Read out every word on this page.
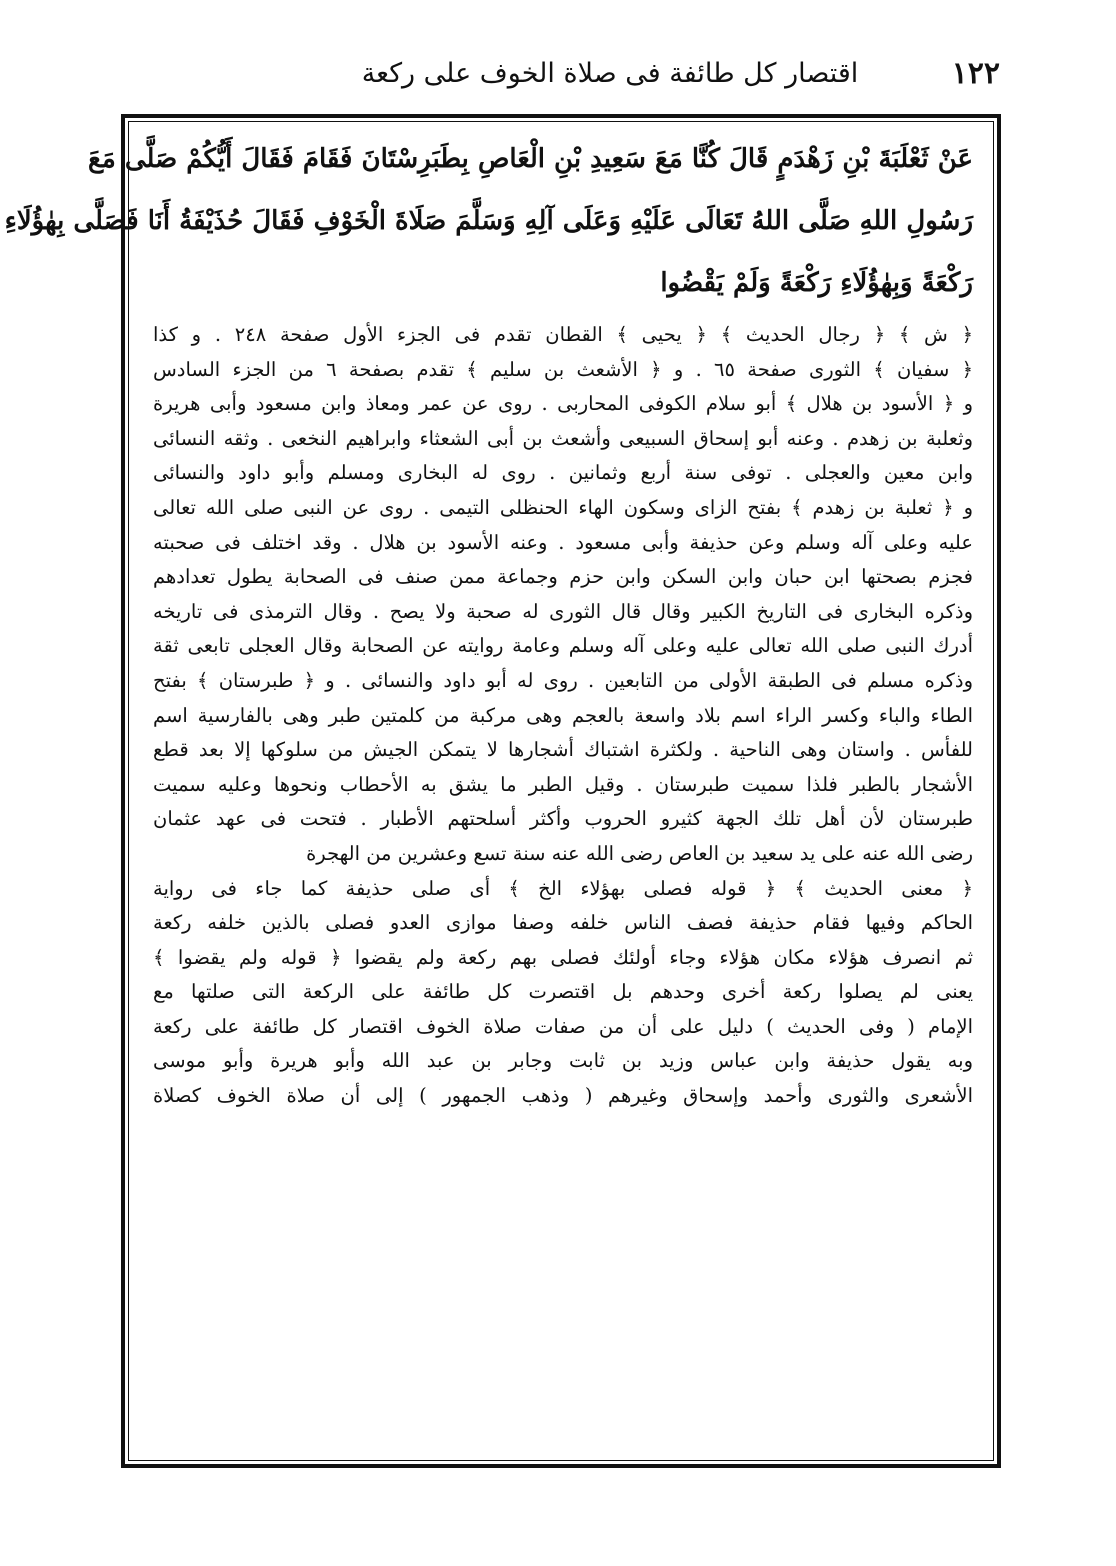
١٢٢
اقتصار كل طائفة فى صلاة الخوف على ركعة
عَنْ ثَعْلَبَةَ بْنِ زَهْدَمٍ قَالَ كُنَّا مَعَ سَعِيدِ بْنِ الْعَاصِ بِطَبَرِسْتَانَ فَقَامَ فَقَالَ أَيُّكُمْ صَلَّى مَعَ
رَسُولِ اللهِ صَلَّى اللهُ تَعَالَى عَلَيْهِ وَعَلَى آلِهِ وَسَلَّمَ صَلَاةَ الْخَوْفِ فَقَالَ حُذَيْفَةُ أَنَا فَصَلَّى بِهٰؤُلَاءِ
رَكْعَةً وَبِهٰؤُلَاءِ رَكْعَةً وَلَمْ يَقْضُوا
﴿ ش ﴾ ﴿ رجال الحديث ﴾ ﴿ يحيى ﴾ القطان تقدم فى الجزء الأول صفحة ٢٤٨ . و كذا
﴿ سفيان ﴾ الثورى صفحة ٦٥ . و ﴿ الأشعث بن سليم ﴾ تقدم بصفحة ٦ من الجزء السادس
و ﴿ الأسود بن هلال ﴾ أبو سلام الكوفى المحاربى . روى عن عمر ومعاذ وابن مسعود وأبى هريرة
وثعلبة بن زهدم . وعنه أبو إسحاق السبيعى وأشعث بن أبى الشعثاء وابراهيم النخعى . وثقه النسائى
وابن معين والعجلى . توفى سنة أربع وثمانين . روى له البخارى ومسلم وأبو داود والنسائى
و ﴿ ثعلبة بن زهدم ﴾ بفتح الزاى وسكون الهاء الحنظلى التيمى . روى عن النبى صلى الله تعالى
عليه وعلى آله وسلم وعن حذيفة وأبى مسعود . وعنه الأسود بن هلال . وقد اختلف فى صحبته
فجزم بصحتها ابن حبان وابن السكن وابن حزم وجماعة ممن صنف فى الصحابة يطول تعدادهم
وذكره البخارى فى التاريخ الكبير وقال قال الثورى له صحبة ولا يصح . وقال الترمذى فى تاريخه
أدرك النبى صلى الله تعالى عليه وعلى آله وسلم وعامة روايته عن الصحابة وقال العجلى تابعى ثقة
وذكره مسلم فى الطبقة الأولى من التابعين . روى له أبو داود والنسائى . و ﴿ طبرستان ﴾ بفتح
الطاء والباء وكسر الراء اسم بلاد واسعة بالعجم وهى مركبة من كلمتين طبر وهى بالفارسية اسم
للفأس . واستان وهى الناحية . ولكثرة اشتباك أشجارها لا يتمكن الجيش من سلوكها إلا بعد قطع
الأشجار بالطبر فلذا سميت طبرستان . وقيل الطبر ما يشق به الأحطاب ونحوها وعليه سميت
طبرستان لأن أهل تلك الجهة كثيرو الحروب وأكثر أسلحتهم الأطبار . فتحت فى عهد عثمان
رضى الله عنه على يد سعيد بن العاص رضى الله عنه سنة تسع وعشرين من الهجرة
﴿ معنى الحديث ﴾ ﴿ قوله فصلى بهؤلاء الخ ﴾ أى صلى حذيفة كما جاء فى رواية
الحاكم وفيها فقام حذيفة فصف الناس خلفه وصفا موازى العدو فصلى بالذين خلفه ركعة
ثم انصرف هؤلاء مكان هؤلاء وجاء أولئك فصلى بهم ركعة ولم يقضوا ﴿ قوله ولم يقضوا ﴾
يعنى لم يصلوا ركعة أخرى وحدهم بل اقتصرت كل طائفة على الركعة التى صلتها مع
الإمام ( وفى الحديث ) دليل على أن من صفات صلاة الخوف اقتصار كل طائفة على ركعة
وبه يقول حذيفة وابن عباس وزيد بن ثابت وجابر بن عبد الله وأبو هريرة وأبو موسى
الأشعرى والثورى وأحمد وإسحاق وغيرهم ( وذهب الجمهور ) إلى أن صلاة الخوف كصلاة
